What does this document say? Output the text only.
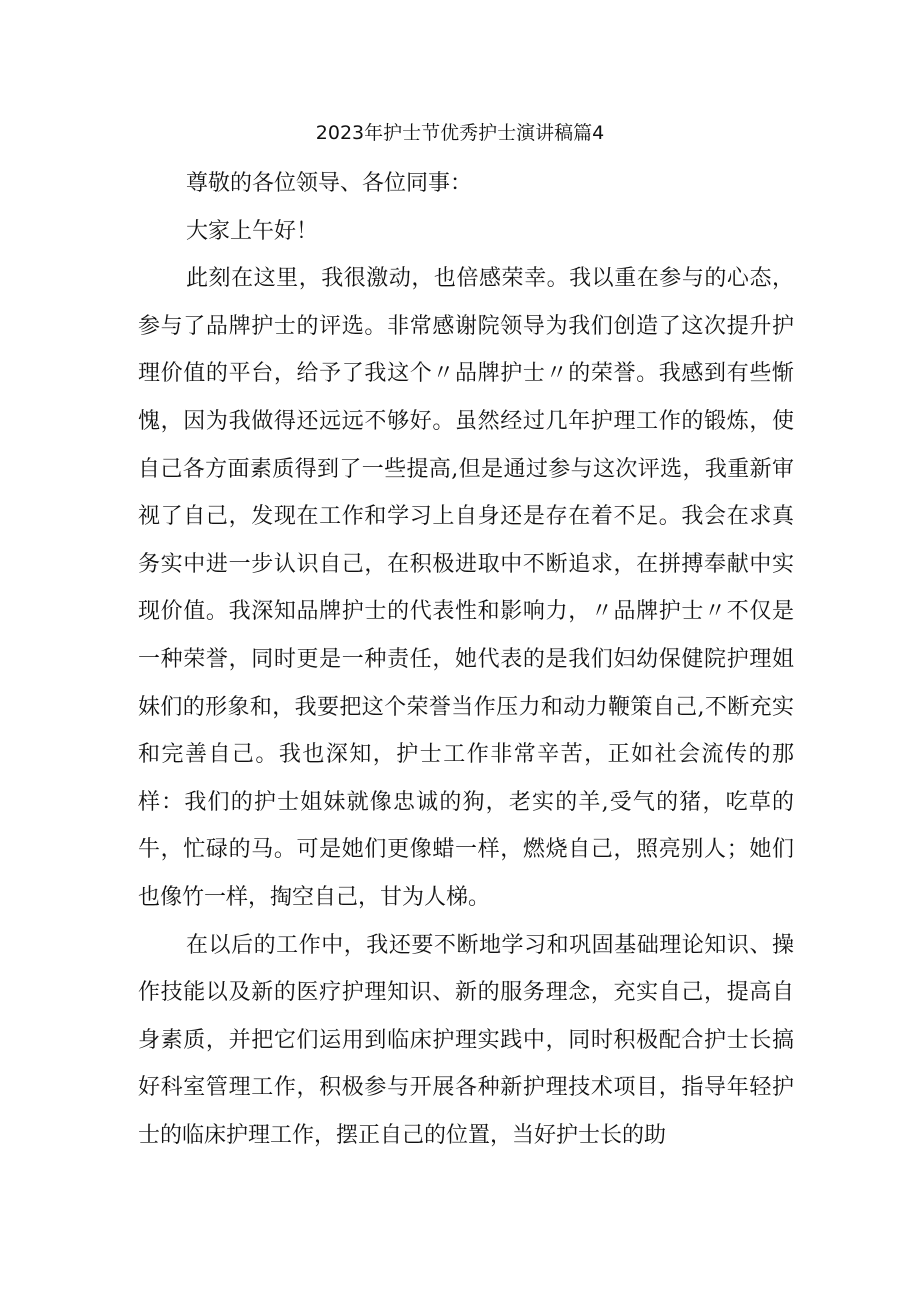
2023年护士节优秀护士演讲稿篇4

尊敬的各位领导、各位同事：

大家上午好！

此刻在这里，我很激动，也倍感荣幸。我以重在参与的心态，参与了品牌护士的评选。非常感谢院领导为我们创造了这次提升护理价值的平台，给予了我这个〃品牌护士〃的荣誉。我感到有些惭愧，因为我做得还远远不够好。虽然经过几年护理工作的锻炼，使自己各方面素质得到了一些提高,但是通过参与这次评选，我重新审视了自己，发现在工作和学习上自身还是存在着不足。我会在求真务实中进一步认识自己，在积极进取中不断追求，在拼搏奉献中实现价值。我深知品牌护士的代表性和影响力，〃品牌护士〃不仅是一种荣誉，同时更是一种责任，她代表的是我们妇幼保健院护理姐妹们的形象和，我要把这个荣誉当作压力和动力鞭策自己,不断充实和完善自己。我也深知，护士工作非常辛苦，正如社会流传的那样：我们的护士姐妹就像忠诚的狗，老实的羊,受气的猪，吃草的牛，忙碌的马。可是她们更像蜡一样，燃烧自己，照亮别人；她们也像竹一样，掏空自己，甘为人梯。

在以后的工作中，我还要不断地学习和巩固基础理论知识、操作技能以及新的医疗护理知识、新的服务理念，充实自己，提高自身素质，并把它们运用到临床护理实践中，同时积极配合护士长搞好科室管理工作，积极参与开展各种新护理技术项目，指导年轻护士的临床护理工作，摆正自己的位置，当好护士长的助
